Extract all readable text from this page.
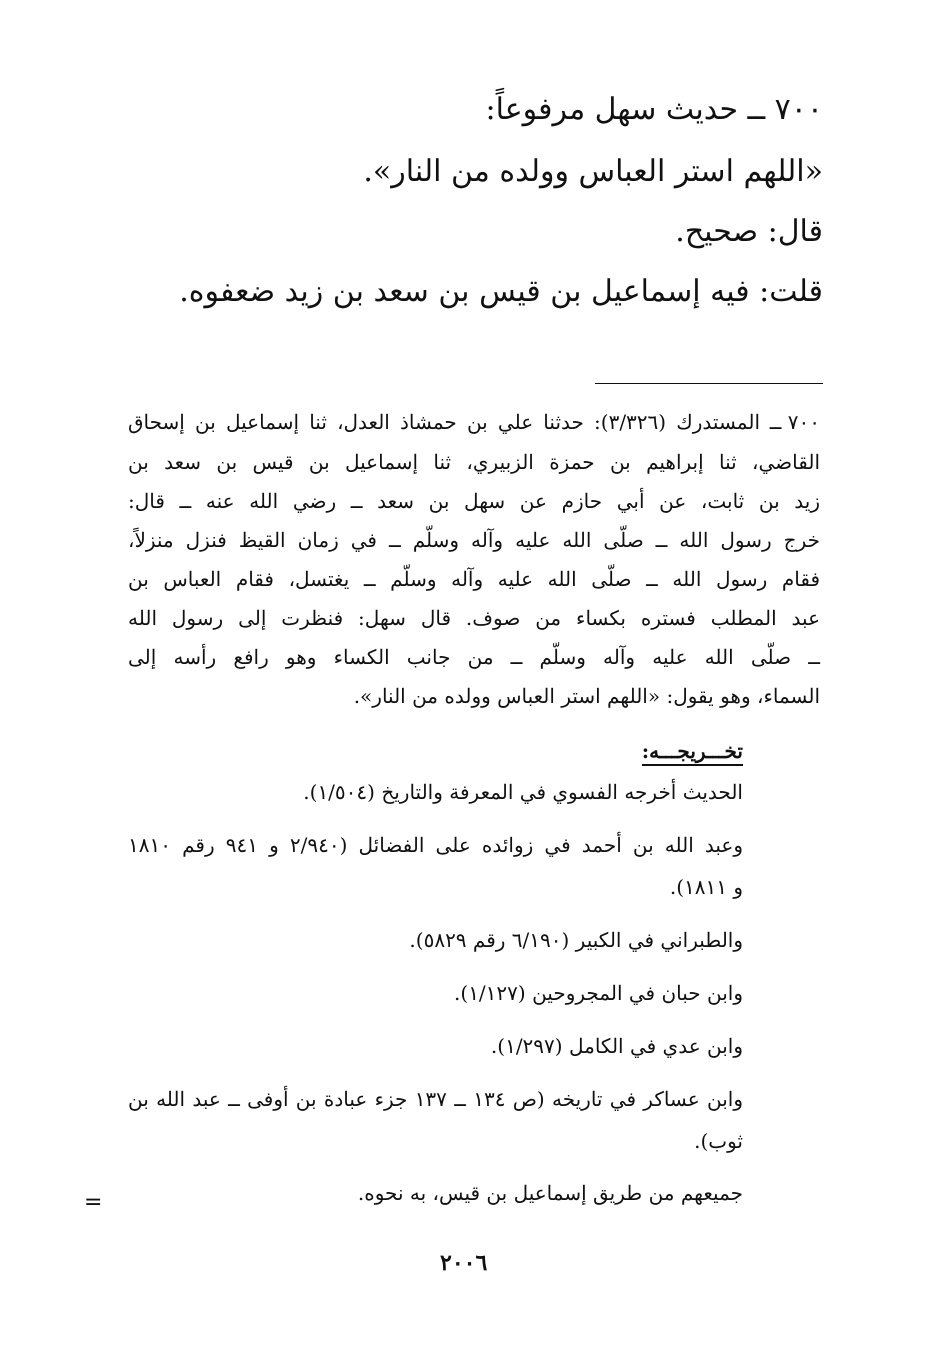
٧٠٠ ــ حديث سهل مرفوعاً:
«اللهم استر العباس وولده من النار».
قال: صحيح.
قلت: فيه إسماعيل بن قيس بن سعد بن زيد ضعفوه.
٧٠٠ ــ
المستدرك (٣/٣٢٦): حدثنا علي بن حمشاذ العدل، ثنا إسماعيل بن إسحاق
القاضي، ثنا إبراهيم بن حمزة الزبيري، ثنا إسماعيل بن قيس بن سعد بن
زيد بن ثابت، عن أبي حازم عن سهل بن سعد ــ رضي الله عنه ــ قال:
خرج رسول الله ــ صلّى الله عليه وآله وسلّم ــ في زمان القيظ فنزل منزلاً،
فقام رسول الله ــ صلّى الله عليه وآله وسلّم ــ يغتسل، فقام العباس بن
عبد المطلب فستره بكساء من صوف. قال سهل: فنظرت إلى رسول الله
ــ صلّى الله عليه وآله وسلّم ــ من جانب الكساء وهو رافع رأسه إلى
السماء، وهو يقول: «اللهم استر العباس وولده من النار».
تخـــريجـــه:
الحديث أخرجه الفسوي في المعرفة والتاريخ (١/٥٠٤).
وعبد الله بن أحمد في زوائده على الفضائل (٢/٩٤٠ و ٩٤١ رقم ١٨١٠
و ١٨١١).
والطبراني في الكبير (٦/١٩٠ رقم ٥٨٢٩).
وابن حبان في المجروحين (١/١٢٧).
وابن عدي في الكامل (١/٢٩٧).
وابن عساكر في تاريخه (ص ١٣٤ ــ ١٣٧ جزء عبادة بن أوفى ــ عبد الله بن
ثوب).
جميعهم من طريق إسماعيل بن قيس، به نحوه.
=
٢٠٠٦
